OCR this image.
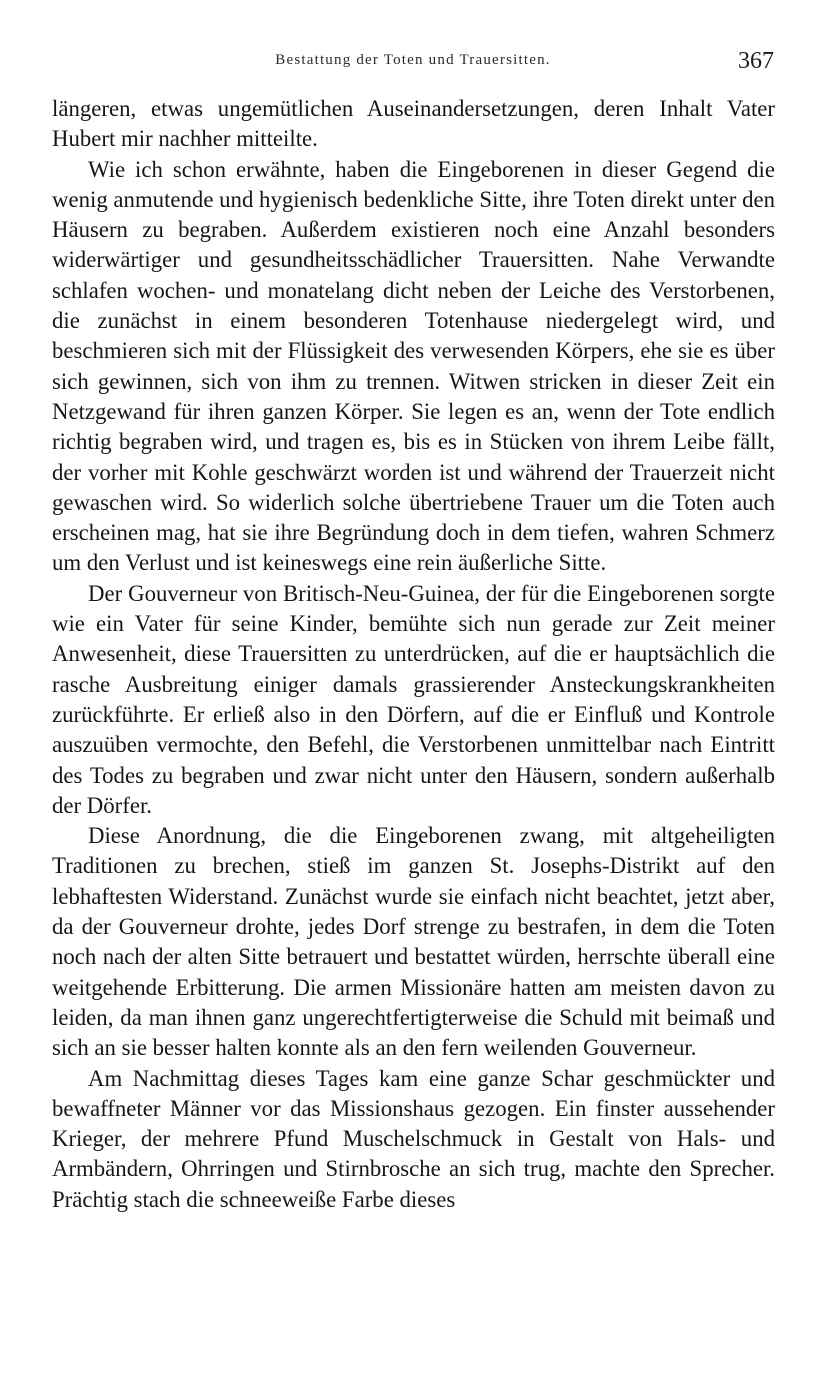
Bestattung der Toten und Trauersitten.	367

längeren, etwas ungemütlichen Auseinandersetzungen, deren Inhalt Vater Hubert mir nachher mitteilte.

Wie ich schon erwähnte, haben die Eingeborenen in dieser Gegend die wenig anmutende und hygienisch bedenkliche Sitte, ihre Toten direkt unter den Häusern zu begraben. Außerdem existieren noch eine Anzahl besonders widerwärtiger und gesundheitsschädlicher Trauersitten. Nahe Verwandte schlafen wochen- und monatelang dicht neben der Leiche des Verstorbenen, die zunächst in einem besonderen Totenhause niedergelegt wird, und beschmieren sich mit der Flüssigkeit des verwesenden Körpers, ehe sie es über sich gewinnen, sich von ihm zu trennen. Witwen stricken in dieser Zeit ein Netzgewand für ihren ganzen Körper. Sie legen es an, wenn der Tote endlich richtig begraben wird, und tragen es, bis es in Stücken von ihrem Leibe fällt, der vorher mit Kohle geschwärzt worden ist und während der Trauerzeit nicht gewaschen wird. So widerlich solche übertriebene Trauer um die Toten auch erscheinen mag, hat sie ihre Begründung doch in dem tiefen, wahren Schmerz um den Verlust und ist keineswegs eine rein äußerliche Sitte.

Der Gouverneur von Britisch-Neu-Guinea, der für die Eingeborenen sorgte wie ein Vater für seine Kinder, bemühte sich nun gerade zur Zeit meiner Anwesenheit, diese Trauersitten zu unterdrücken, auf die er hauptsächlich die rasche Ausbreitung einiger damals grassierender Ansteckungskrankheiten zurückführte. Er erließ also in den Dörfern, auf die er Einfluß und Kontrole auszuüben vermochte, den Befehl, die Verstorbenen unmittelbar nach Eintritt des Todes zu begraben und zwar nicht unter den Häusern, sondern außerhalb der Dörfer.

Diese Anordnung, die die Eingeborenen zwang, mit altgeheiligten Traditionen zu brechen, stieß im ganzen St. Josephs-Distrikt auf den lebhaftesten Widerstand. Zunächst wurde sie einfach nicht beachtet, jetzt aber, da der Gouverneur drohte, jedes Dorf strenge zu bestrafen, in dem die Toten noch nach der alten Sitte betrauert und bestattet würden, herrschte überall eine weitgehende Erbitterung. Die armen Missionäre hatten am meisten davon zu leiden, da man ihnen ganz ungerechtfertigterweise die Schuld mit beimaß und sich an sie besser halten konnte als an den fern weilenden Gouverneur.

Am Nachmittag dieses Tages kam eine ganze Schar geschmückter und bewaffneter Männer vor das Missionshaus gezogen. Ein finster aussehender Krieger, der mehrere Pfund Muschelschmuck in Gestalt von Hals- und Armbändern, Ohrringen und Stirnbrosche an sich trug, machte den Sprecher. Prächtig stach die schneeweiße Farbe dieses
